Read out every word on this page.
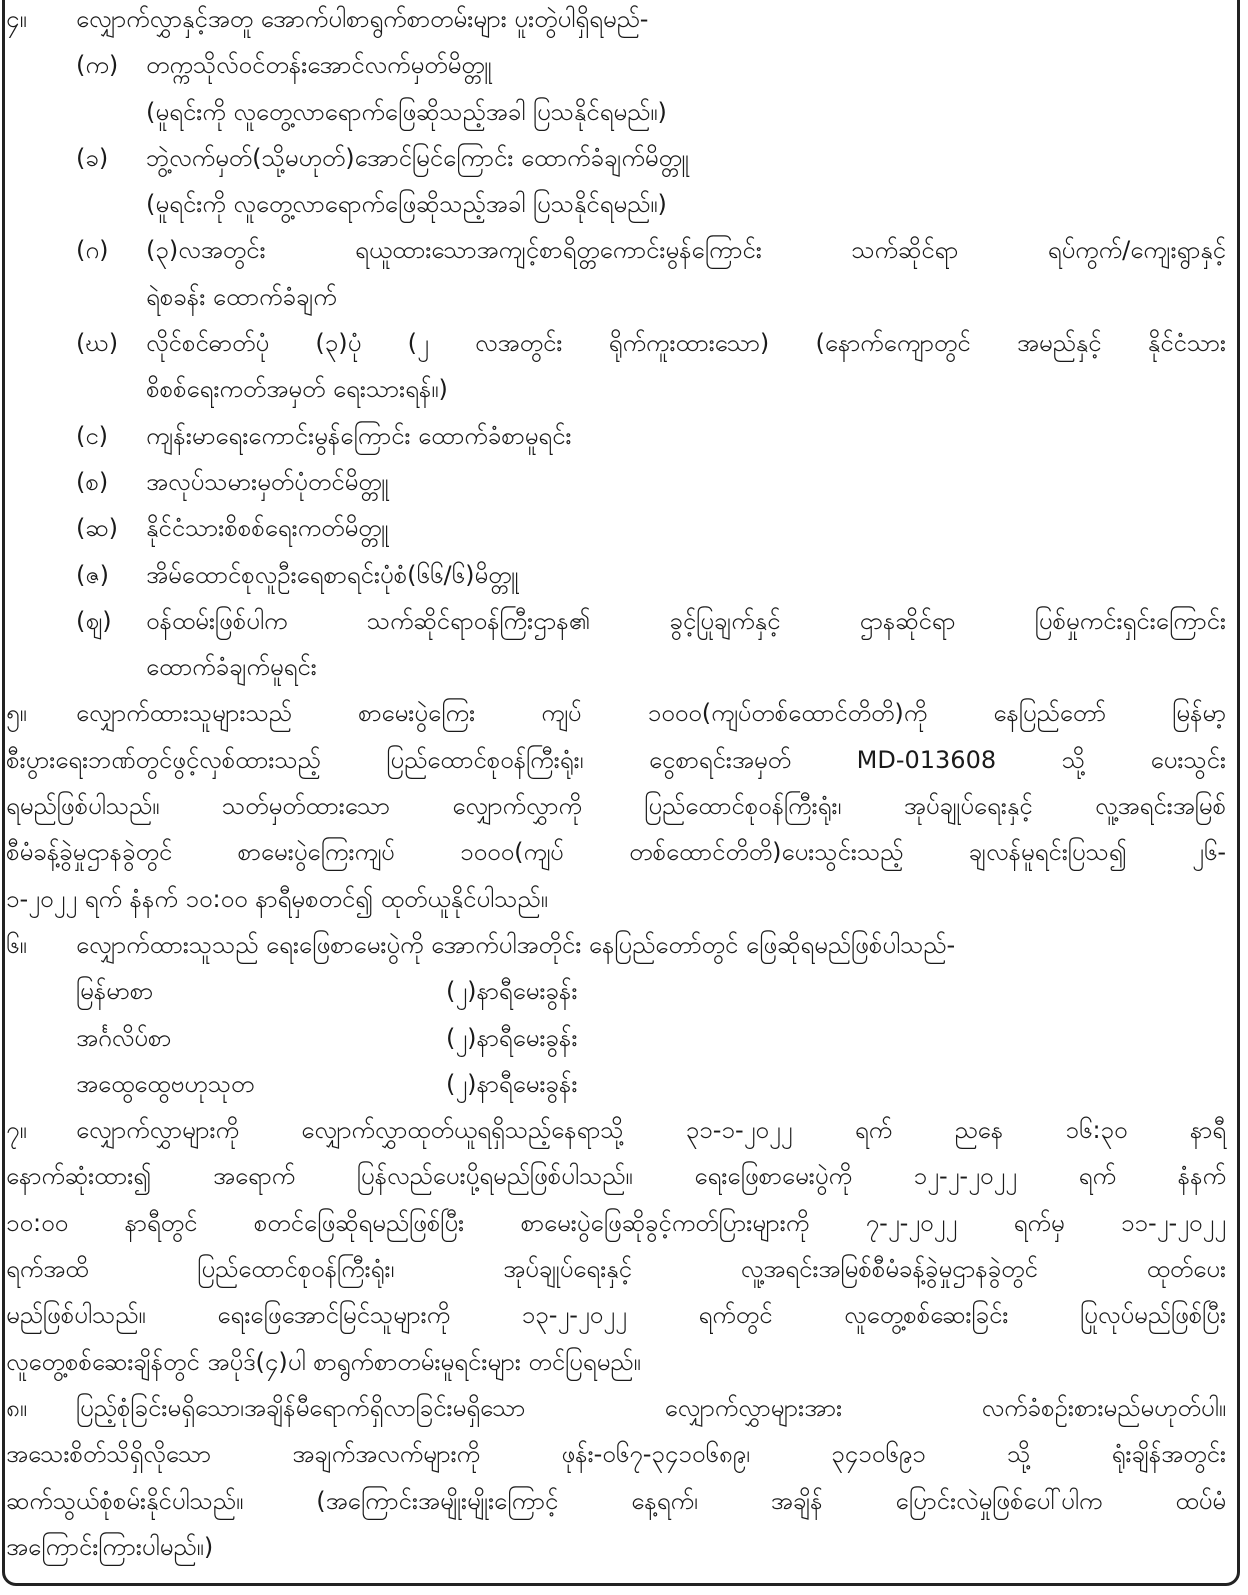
၄။ လျှောက်လွှာနှင့်အတူ အောက်ပါစာရွက်စာတမ်းများ ပူးတွဲပါရှိရမည်-
(က) တက္ကသိုလ်ဝင်တန်းအောင်လက်မှတ်မိတ္တူ
(မူရင်းကို လူတွေ့လာရောက်ဖြေဆိုသည့်အခါ ပြသနိုင်ရမည်။)
(ခ) ဘွဲ့လက်မှတ်(သို့မဟုတ်)အောင်မြင်ကြောင်း ထောက်ခံချက်မိတ္တူ
(မူရင်းကို လူတွေ့လာရောက်ဖြေဆိုသည့်အခါ ပြသနိုင်ရမည်။)
(ဂ) (၃)လအတွင်း ရယူထားသောအကျင့်စာရိတ္တကောင်းမွန်ကြောင်း သက်ဆိုင်ရာ ရပ်ကွက်/ကျေးရွာနှင့်
ရဲစခန်း ထောက်ခံချက်
(ဃ) လိုင်စင်ဓာတ်ပုံ (၃)ပုံ (၂ လအတွင်း ရိုက်ကူးထားသော) (နောက်ကျောတွင် အမည်နှင့် နိုင်ငံသား
စိစစ်ရေးကတ်အမှတ် ရေးသားရန်။)
(င) ကျန်းမာရေးကောင်းမွန်ကြောင်း ထောက်ခံစာမူရင်း
(စ) အလုပ်သမားမှတ်ပုံတင်မိတ္တူ
(ဆ) နိုင်ငံသားစိစစ်ရေးကတ်မိတ္တူ
(ဇ) အိမ်ထောင်စုလူဦးရေစာရင်းပုံစံ(၆၆/၆)မိတ္တူ
(ဈ) ဝန်ထမ်းဖြစ်ပါက သက်ဆိုင်ရာဝန်ကြီးဌာန၏ ခွင့်ပြုချက်နှင့် ဌာနဆိုင်ရာ ပြစ်မှုကင်းရှင်းကြောင်း
ထောက်ခံချက်မူရင်း
၅။ လျှောက်ထားသူများသည် စာမေးပွဲကြေး ကျပ် ၁၀၀၀(ကျပ်တစ်ထောင်တိတိ)ကို နေပြည်တော် မြန်မာ့
စီးပွားရေးဘဏ်တွင်ဖွင့်လှစ်ထားသည့် ပြည်ထောင်စုဝန်ကြီးရုံး၊ ငွေစာရင်းအမှတ် MD-013608 သို့ ပေးသွင်း
ရမည်ဖြစ်ပါသည်။ သတ်မှတ်ထားသော လျှောက်လွှာကို ပြည်ထောင်စုဝန်ကြီးရုံး၊ အုပ်ချုပ်ရေးနှင့် လူ့အရင်းအမြစ်
စီမံခန့်ခွဲမှုဌာနခွဲတွင် စာမေးပွဲကြေးကျပ် ၁၀၀၀(ကျပ် တစ်ထောင်တိတိ)ပေးသွင်းသည့် ချလန်မူရင်းပြသ၍ ၂၆-
၁-၂၀၂၂ ရက် နံနက် ၁၀:၀၀ နာရီမှစတင်၍ ထုတ်ယူနိုင်ပါသည်။
၆။ လျှောက်ထားသူသည် ရေးဖြေစာမေးပွဲကို အောက်ပါအတိုင်း နေပြည်တော်တွင် ဖြေဆိုရမည်ဖြစ်ပါသည်-
မြန်မာစာ	(၂)နာရီမေးခွန်း
အင်္ဂလိပ်စာ	(၂)နာရီမေးခွန်း
အထွေထွေဗဟုသုတ	(၂)နာရီမေးခွန်း
၇။ လျှောက်လွှာများကို လျှောက်လွှာထုတ်ယူရရှိသည့်နေရာသို့ ၃၁-၁-၂၀၂၂ ရက် ညနေ ၁၆:၃၀ နာရီ
နောက်ဆုံးထား၍ အရောက် ပြန်လည်ပေးပို့ရမည်ဖြစ်ပါသည်။ ရေးဖြေစာမေးပွဲကို ၁၂-၂-၂၀၂၂ ရက် နံနက်
၁၀:၀၀ နာရီတွင် စတင်ဖြေဆိုရမည်ဖြစ်ပြီး စာမေးပွဲဖြေဆိုခွင့်ကတ်ပြားများကို ၇-၂-၂၀၂၂ ရက်မှ ၁၁-၂-၂၀၂၂
ရက်အထိ ပြည်ထောင်စုဝန်ကြီးရုံး၊ အုပ်ချုပ်ရေးနှင့် လူ့အရင်းအမြစ်စီမံခန့်ခွဲမှုဌာနခွဲတွင် ထုတ်ပေး
မည်ဖြစ်ပါသည်။ ရေးဖြေအောင်မြင်သူများကို ၁၃-၂-၂၀၂၂ ရက်တွင် လူတွေ့စစ်ဆေးခြင်း ပြုလုပ်မည်ဖြစ်ပြီး
လူတွေ့စစ်ဆေးချိန်တွင် အပိုဒ်(၄)ပါ စာရွက်စာတမ်းမူရင်းများ တင်ပြရမည်။
၈။ ပြည့်စုံခြင်းမရှိသော၊အချိန်မီရောက်ရှိလာခြင်းမရှိသော လျှောက်လွှာများအား လက်ခံစဉ်းစားမည်မဟုတ်ပါ။
အသေးစိတ်သိရှိလိုသော အချက်အလက်များကို ဖုန်း-၀၆၇-၃၄၁၀၆၈၉၊ ၃၄၁၀၆၉၁ သို့ ရုံးချိန်အတွင်း
ဆက်သွယ်စုံစမ်းနိုင်ပါသည်။ (အကြောင်းအမျိုးမျိုးကြောင့် နေ့ရက်၊ အချိန် ပြောင်းလဲမှုဖြစ်ပေါ်ပါက ထပ်မံ
အကြောင်းကြားပါမည်။)
